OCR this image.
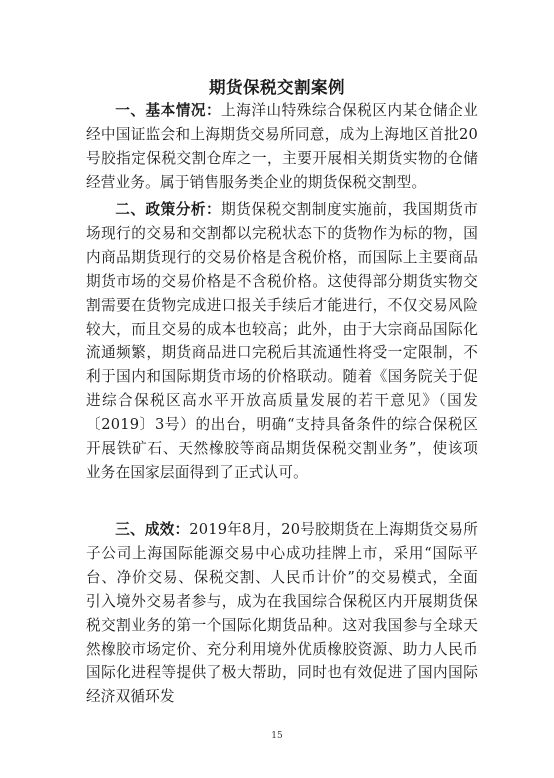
期货保税交割案例

一、基本情况：上海洋山特殊综合保税区内某仓储企业经中国证监会和上海期货交易所同意，成为上海地区首批20号胶指定保税交割仓库之一，主要开展相关期货实物的仓储经营业务。属于销售服务类企业的期货保税交割型。

二、政策分析：期货保税交割制度实施前，我国期货市场现行的交易和交割都以完税状态下的货物作为标的物，国内商品期货现行的交易价格是含税价格，而国际上主要商品期货市场的交易价格是不含税价格。这使得部分期货实物交割需要在货物完成进口报关手续后才能进行，不仅交易风险较大，而且交易的成本也较高；此外，由于大宗商品国际化流通频繁，期货商品进口完税后其流通性将受一定限制，不利于国内和国际期货市场的价格联动。随着《国务院关于促进综合保税区高水平开放高质量发展的若干意见》（国发〔2019〕3号）的出台，明确“支持具备条件的综合保税区开展铁矿石、天然橡胶等商品期货保税交割业务”，使该项业务在国家层面得到了正式认可。

三、成效：2019年8月，20号胶期货在上海期货交易所子公司上海国际能源交易中心成功挂牌上市，采用“国际平台、净价交易、保税交割、人民币计价”的交易模式，全面引入境外交易者参与，成为在我国综合保税区内开展期货保税交割业务的第一个国际化期货品种。这对我国参与全球天然橡胶市场定价、充分利用境外优质橡胶资源、助力人民币国际化进程等提供了极大帮助，同时也有效促进了国内国际经济双循环发

15
